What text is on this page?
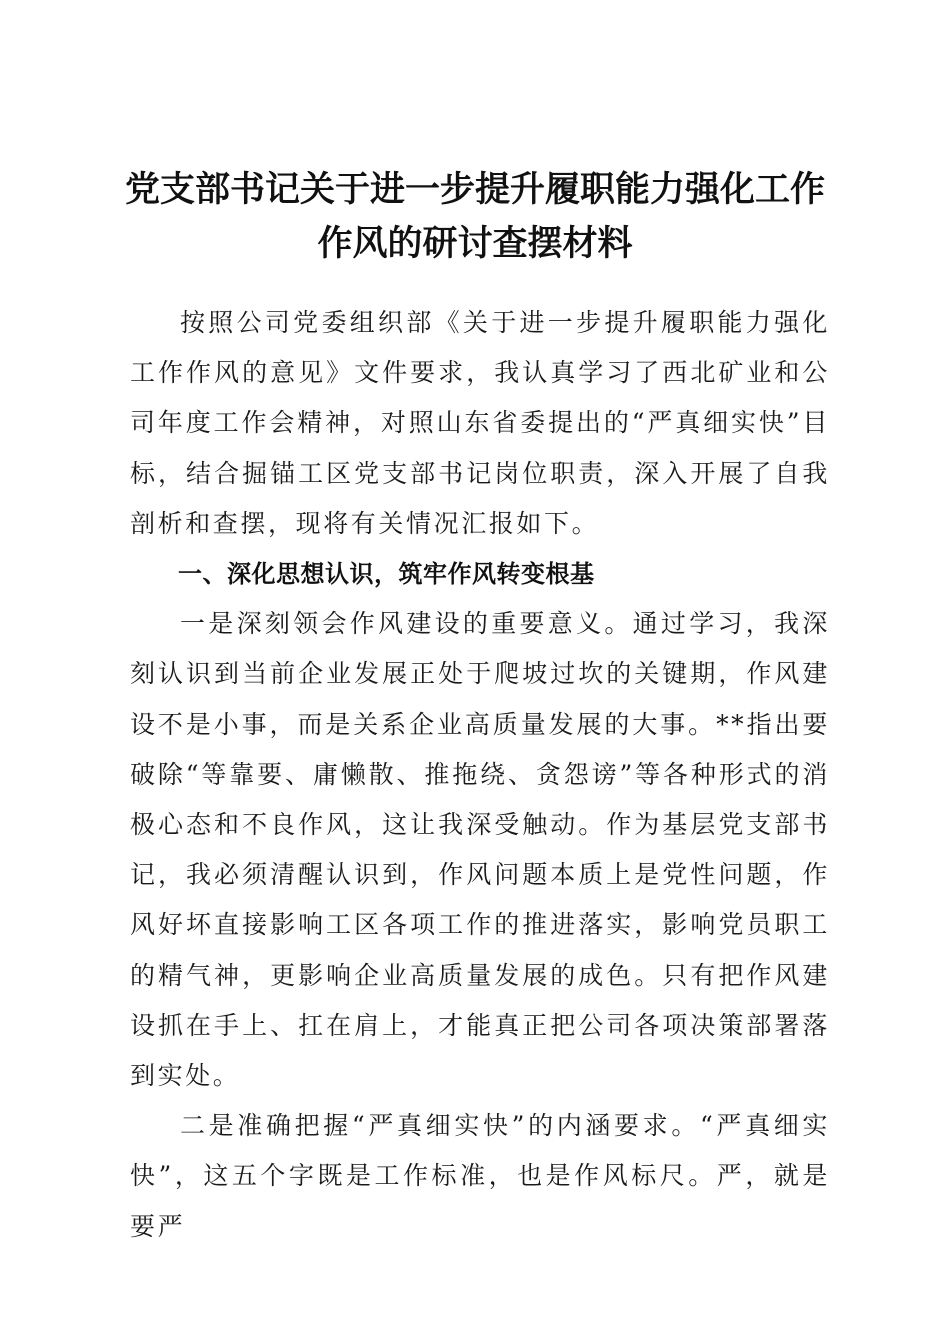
党支部书记关于进一步提升履职能力强化工作
作风的研讨查摆材料

按照公司党委组织部《关于进一步提升履职能力强化工作作风的意见》文件要求，我认真学习了西北矿业和公司年度工作会精神，对照山东省委提出的“严真细实快”目标，结合掘锚工区党支部书记岗位职责，深入开展了自我剖析和查摆，现将有关情况汇报如下。

一、深化思想认识，筑牢作风转变根基

一是深刻领会作风建设的重要意义。通过学习，我深刻认识到当前企业发展正处于爬坡过坎的关键期，作风建设不是小事，而是关系企业高质量发展的大事。**指出要破除“等靠要、庸懒散、推拖绕、贪怨谤”等各种形式的消极心态和不良作风，这让我深受触动。作为基层党支部书记，我必须清醒认识到，作风问题本质上是党性问题，作风好坏直接影响工区各项工作的推进落实，影响党员职工的精气神，更影响企业高质量发展的成色。只有把作风建设抓在手上、扛在肩上，才能真正把公司各项决策部署落到实处。

二是准确把握“严真细实快”的内涵要求。“严真细实快”，这五个字既是工作标准，也是作风标尺。严，就是要严
